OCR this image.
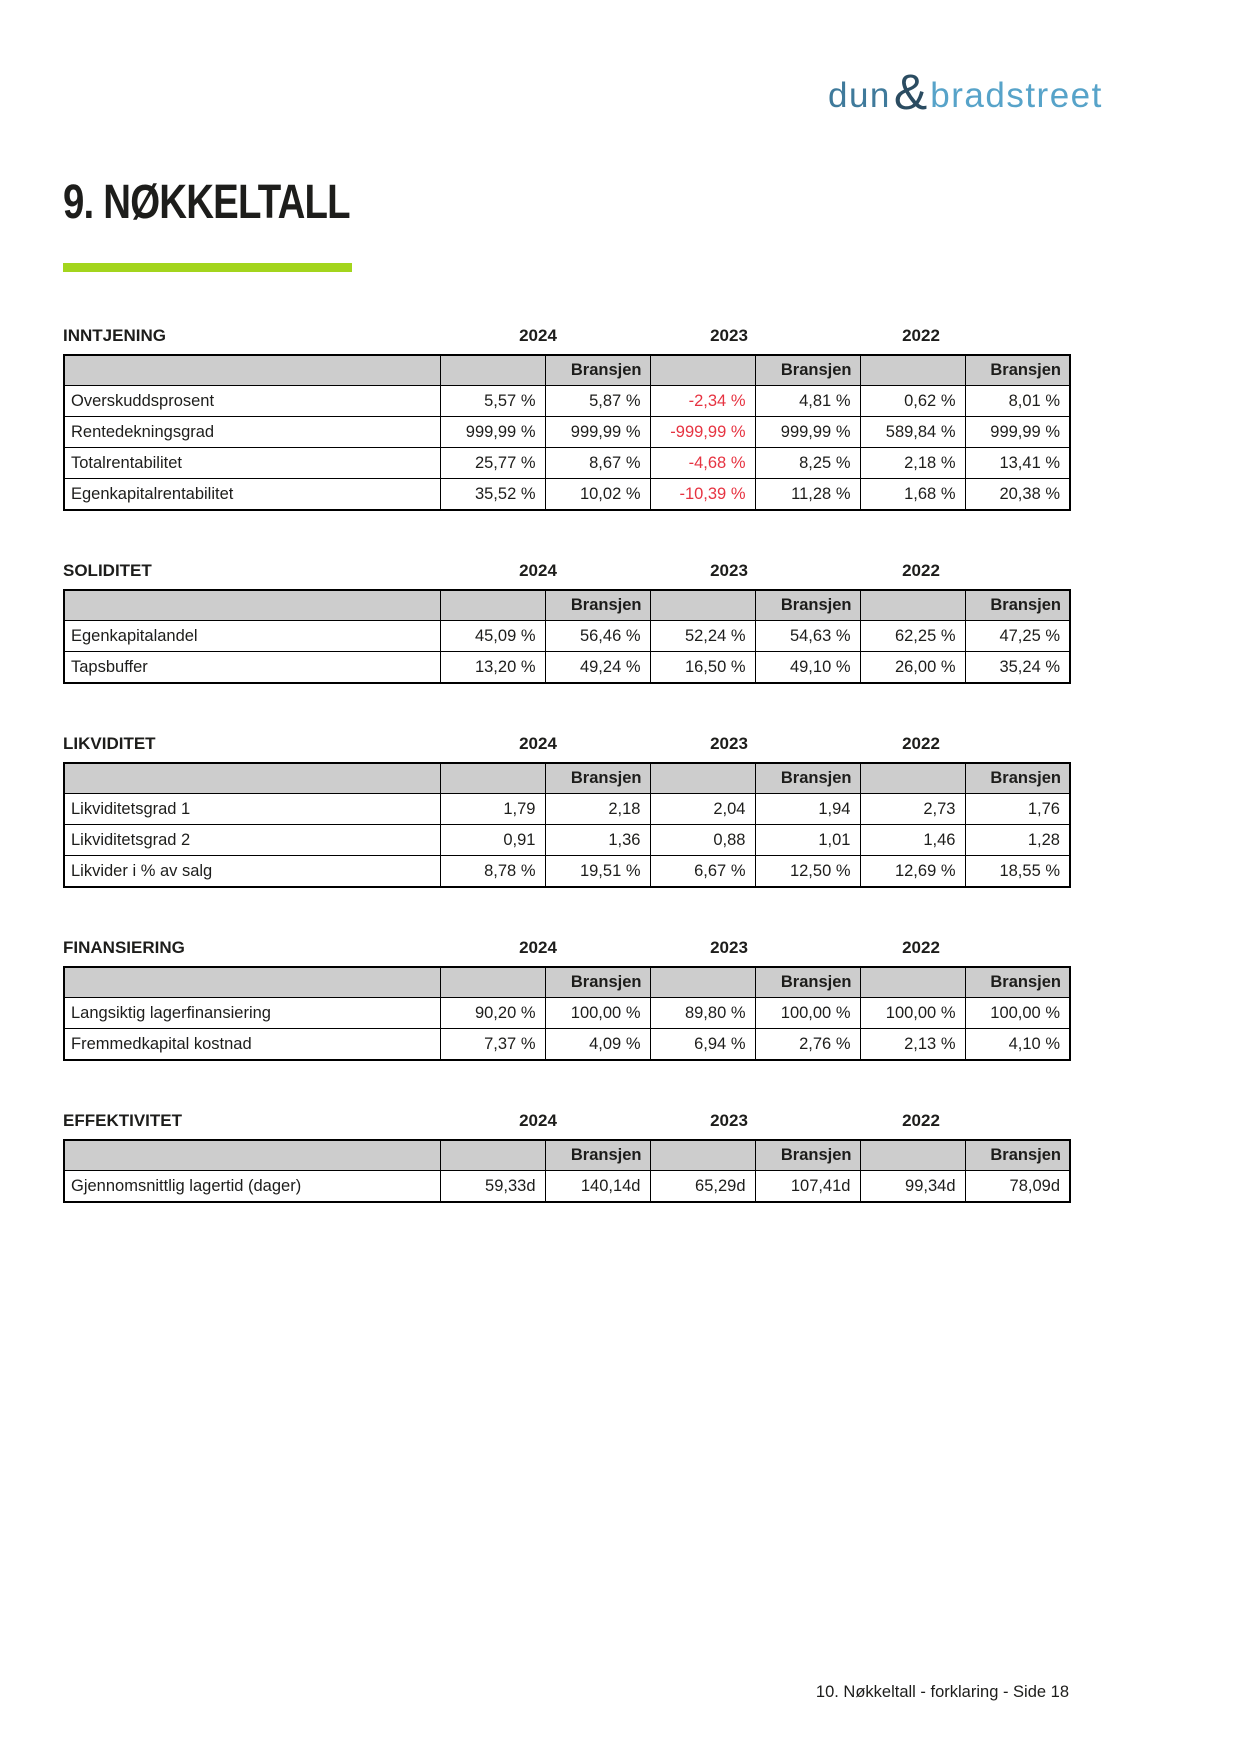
dun & bradstreet
9. NØKKELTALL
INNTJENING	2024	2023	2022
		Bransjen		Bransjen		Bransjen
Overskuddsprosent	5,57 %	5,87 %	-2,34 %	4,81 %	0,62 %	8,01 %
Rentedekningsgrad	999,99 %	999,99 %	-999,99 %	999,99 %	589,84 %	999,99 %
Totalrentabilitet	25,77 %	8,67 %	-4,68 %	8,25 %	2,18 %	13,41 %
Egenkapitalrentabilitet	35,52 %	10,02 %	-10,39 %	11,28 %	1,68 %	20,38 %
SOLIDITET	2024	2023	2022
		Bransjen		Bransjen		Bransjen
Egenkapitalandel	45,09 %	56,46 %	52,24 %	54,63 %	62,25 %	47,25 %
Tapsbuffer	13,20 %	49,24 %	16,50 %	49,10 %	26,00 %	35,24 %
LIKVIDITET	2024	2023	2022
		Bransjen		Bransjen		Bransjen
Likviditetsgrad 1	1,79	2,18	2,04	1,94	2,73	1,76
Likviditetsgrad 2	0,91	1,36	0,88	1,01	1,46	1,28
Likvider i % av salg	8,78 %	19,51 %	6,67 %	12,50 %	12,69 %	18,55 %
FINANSIERING	2024	2023	2022
		Bransjen		Bransjen		Bransjen
Langsiktig lagerfinansiering	90,20 %	100,00 %	89,80 %	100,00 %	100,00 %	100,00 %
Fremmedkapital kostnad	7,37 %	4,09 %	6,94 %	2,76 %	2,13 %	4,10 %
EFFEKTIVITET	2024	2023	2022
		Bransjen		Bransjen		Bransjen
Gjennomsnittlig lagertid (dager)	59,33d	140,14d	65,29d	107,41d	99,34d	78,09d
10. Nøkkeltall - forklaring - Side 18
